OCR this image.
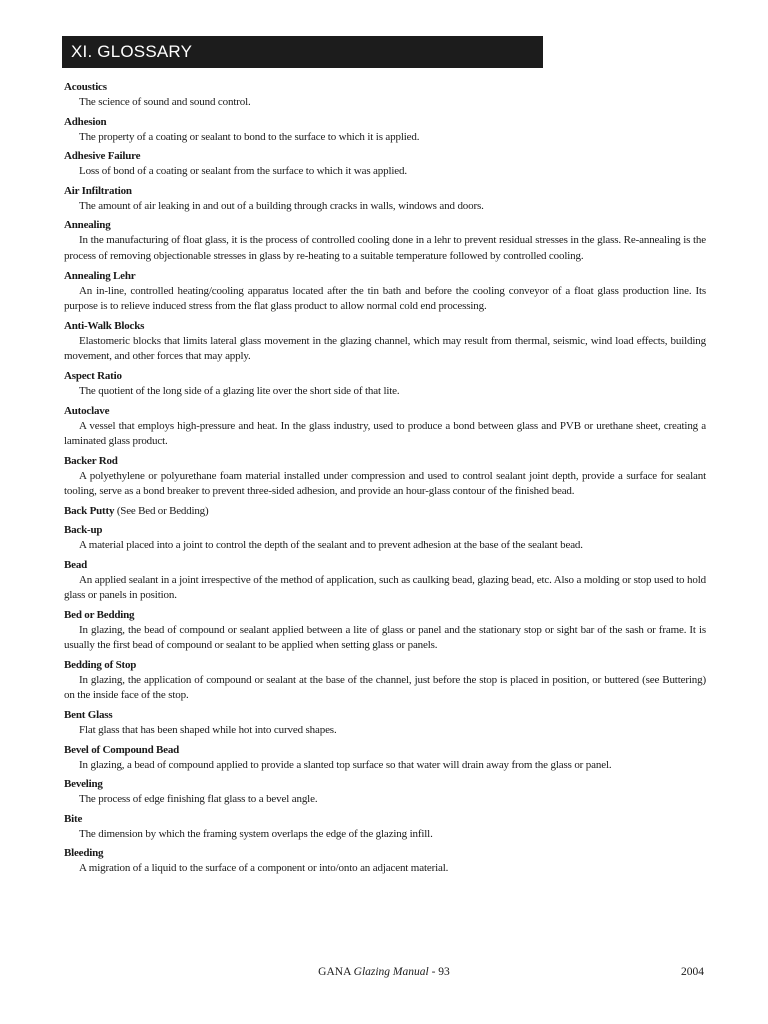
XI. GLOSSARY
Acoustics
The science of sound and sound control.
Adhesion
The property of a coating or sealant to bond to the surface to which it is applied.
Adhesive Failure
Loss of bond of a coating or sealant from the surface to which it was applied.
Air Infiltration
The amount of air leaking in and out of a building through cracks in walls, windows and doors.
Annealing
In the manufacturing of float glass, it is the process of controlled cooling done in a lehr to prevent residual stresses in the glass. Re-annealing is the process of removing objectionable stresses in glass by re-heating to a suitable temperature followed by controlled cooling.
Annealing Lehr
An in-line, controlled heating/cooling apparatus located after the tin bath and before the cooling conveyor of a float glass production line. Its purpose is to relieve induced stress from the flat glass product to allow normal cold end processing.
Anti-Walk Blocks
Elastomeric blocks that limits lateral glass movement in the glazing channel, which may result from thermal, seismic, wind load effects, building movement, and other forces that may apply.
Aspect Ratio
The quotient of the long side of a glazing lite over the short side of that lite.
Autoclave
A vessel that employs high-pressure and heat. In the glass industry, used to produce a bond between glass and PVB or urethane sheet, creating a laminated glass product.
Backer Rod
A polyethylene or polyurethane foam material installed under compression and used to control sealant joint depth, provide a surface for sealant tooling, serve as a bond breaker to prevent three-sided adhesion, and provide an hour-glass contour of the finished bead.
Back Putty (See Bed or Bedding)
Back-up
A material placed into a joint to control the depth of the sealant and to prevent adhesion at the base of the sealant bead.
Bead
An applied sealant in a joint irrespective of the method of application, such as caulking bead, glazing bead, etc. Also a molding or stop used to hold glass or panels in position.
Bed or Bedding
In glazing, the bead of compound or sealant applied between a lite of glass or panel and the stationary stop or sight bar of the sash or frame. It is usually the first bead of compound or sealant to be applied when setting glass or panels.
Bedding of Stop
In glazing, the application of compound or sealant at the base of the channel, just before the stop is placed in position, or buttered (see Buttering) on the inside face of the stop.
Bent Glass
Flat glass that has been shaped while hot into curved shapes.
Bevel of Compound Bead
In glazing, a bead of compound applied to provide a slanted top surface so that water will drain away from the glass or panel.
Beveling
The process of edge finishing flat glass to a bevel angle.
Bite
The dimension by which the framing system overlaps the edge of the glazing infill.
Bleeding
A migration of a liquid to the surface of a component or into/onto an adjacent material.
GANA Glazing Manual - 93	2004
